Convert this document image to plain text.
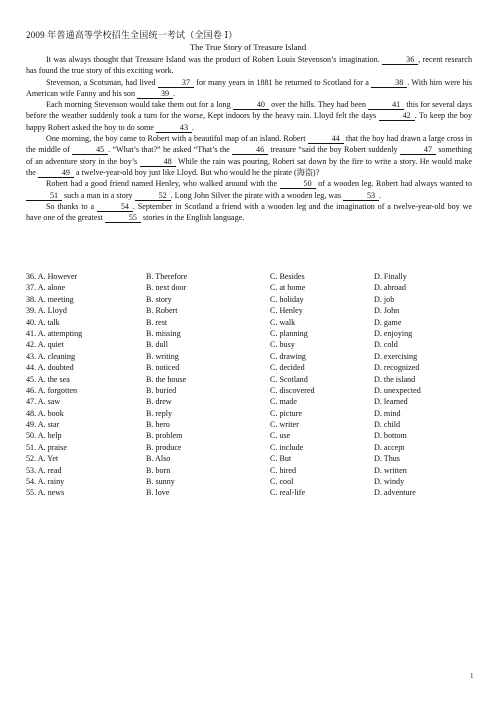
2009 年普通高等学校招生全国统一考试（全国卷 Ⅰ）
The True Story of Treasure Island

It was always thought that Treasure Island was the product of Robert Louis Stevenson’s imagination.	36 , recent research has found the true story of this exciting work.

Stevenson, a Scotsman, had lived	37 for many years in 1881 he returned to Scotland for a	38 . With him were his American wife Fanny and his son	39 .

Each morning Stevenson would take them out for a long	40 over the hills. They had been	41 this for several days before the weather suddenly took a turn for the worse, Kept indoors by the heavy rain. Lloyd felt the days	42 . To keep the boy happy Robert asked the boy to do some	43 .

One morning, the boy came to Robert with a beautiful map of an island. Robert	44 that the boy had drawn a large cross in the middle of	45 . “What’s that?” he asked “That’s the	46 treasure “said the boy Robert suddenly	47 something of an adventure story in the boy’s	48 While the rain was pouring, Robert sat down by the fire to write a story. He would make the	49 a twelve-year-old boy just like Lloyd. But who would he the pirate (海盗)?

Robert had a good friend named Henley, who walked around with the	50 of a wooden leg. Robert had always wanted to 51 such a man in a story	52 . Long John Silver the pirate with a wooden leg, was	53 .

So thanks to a	54 . September in Scotland a friend with a wooden leg and the imagination of a twelve-year-old boy we have one of the greatest	55 stories in the English language.

36. A. However	B. Therefore	C. Besides	D. Finally
37. A. alone	B. next door	C. at home	D. abroad
38. A. meeting	B. story	C. holiday	D. job
39. A. Lloyd	B. Robert	C. Henley	D. John
40. A. talk	B. rest	C. walk	D. game
41. A. attempting	B. missing	C. planning	D. enjoying
42. A. quiet	B. dull	C. busy	D. cold
43. A. cleaning	B. writing	C. drawing	D. exercising
44. A. doubted	B. noticed	C. decided	D. recognized
45. A. the sea	B. the house	C. Scotland	D. the island
46. A. forgotten	B. buried	C. discovered	D. unexpected
47. A. saw	B. drew	C. made	D. learned
48. A. book	B. reply	C. picture	D. mind
49. A. star	B. hero	C. writer	D. child
50. A. help	B. problem	C. use	D. bottom
51. A. praise	B. produce	C. include	D. accept
52. A. Yet	B. Also	C. But	D. Thus
53. A. read	B. born	C. hired	D. written
54. A. rainy	B. sunny	C. cool	D. windy
55. A. news	B. love	C. real-life	D. adventure
1
